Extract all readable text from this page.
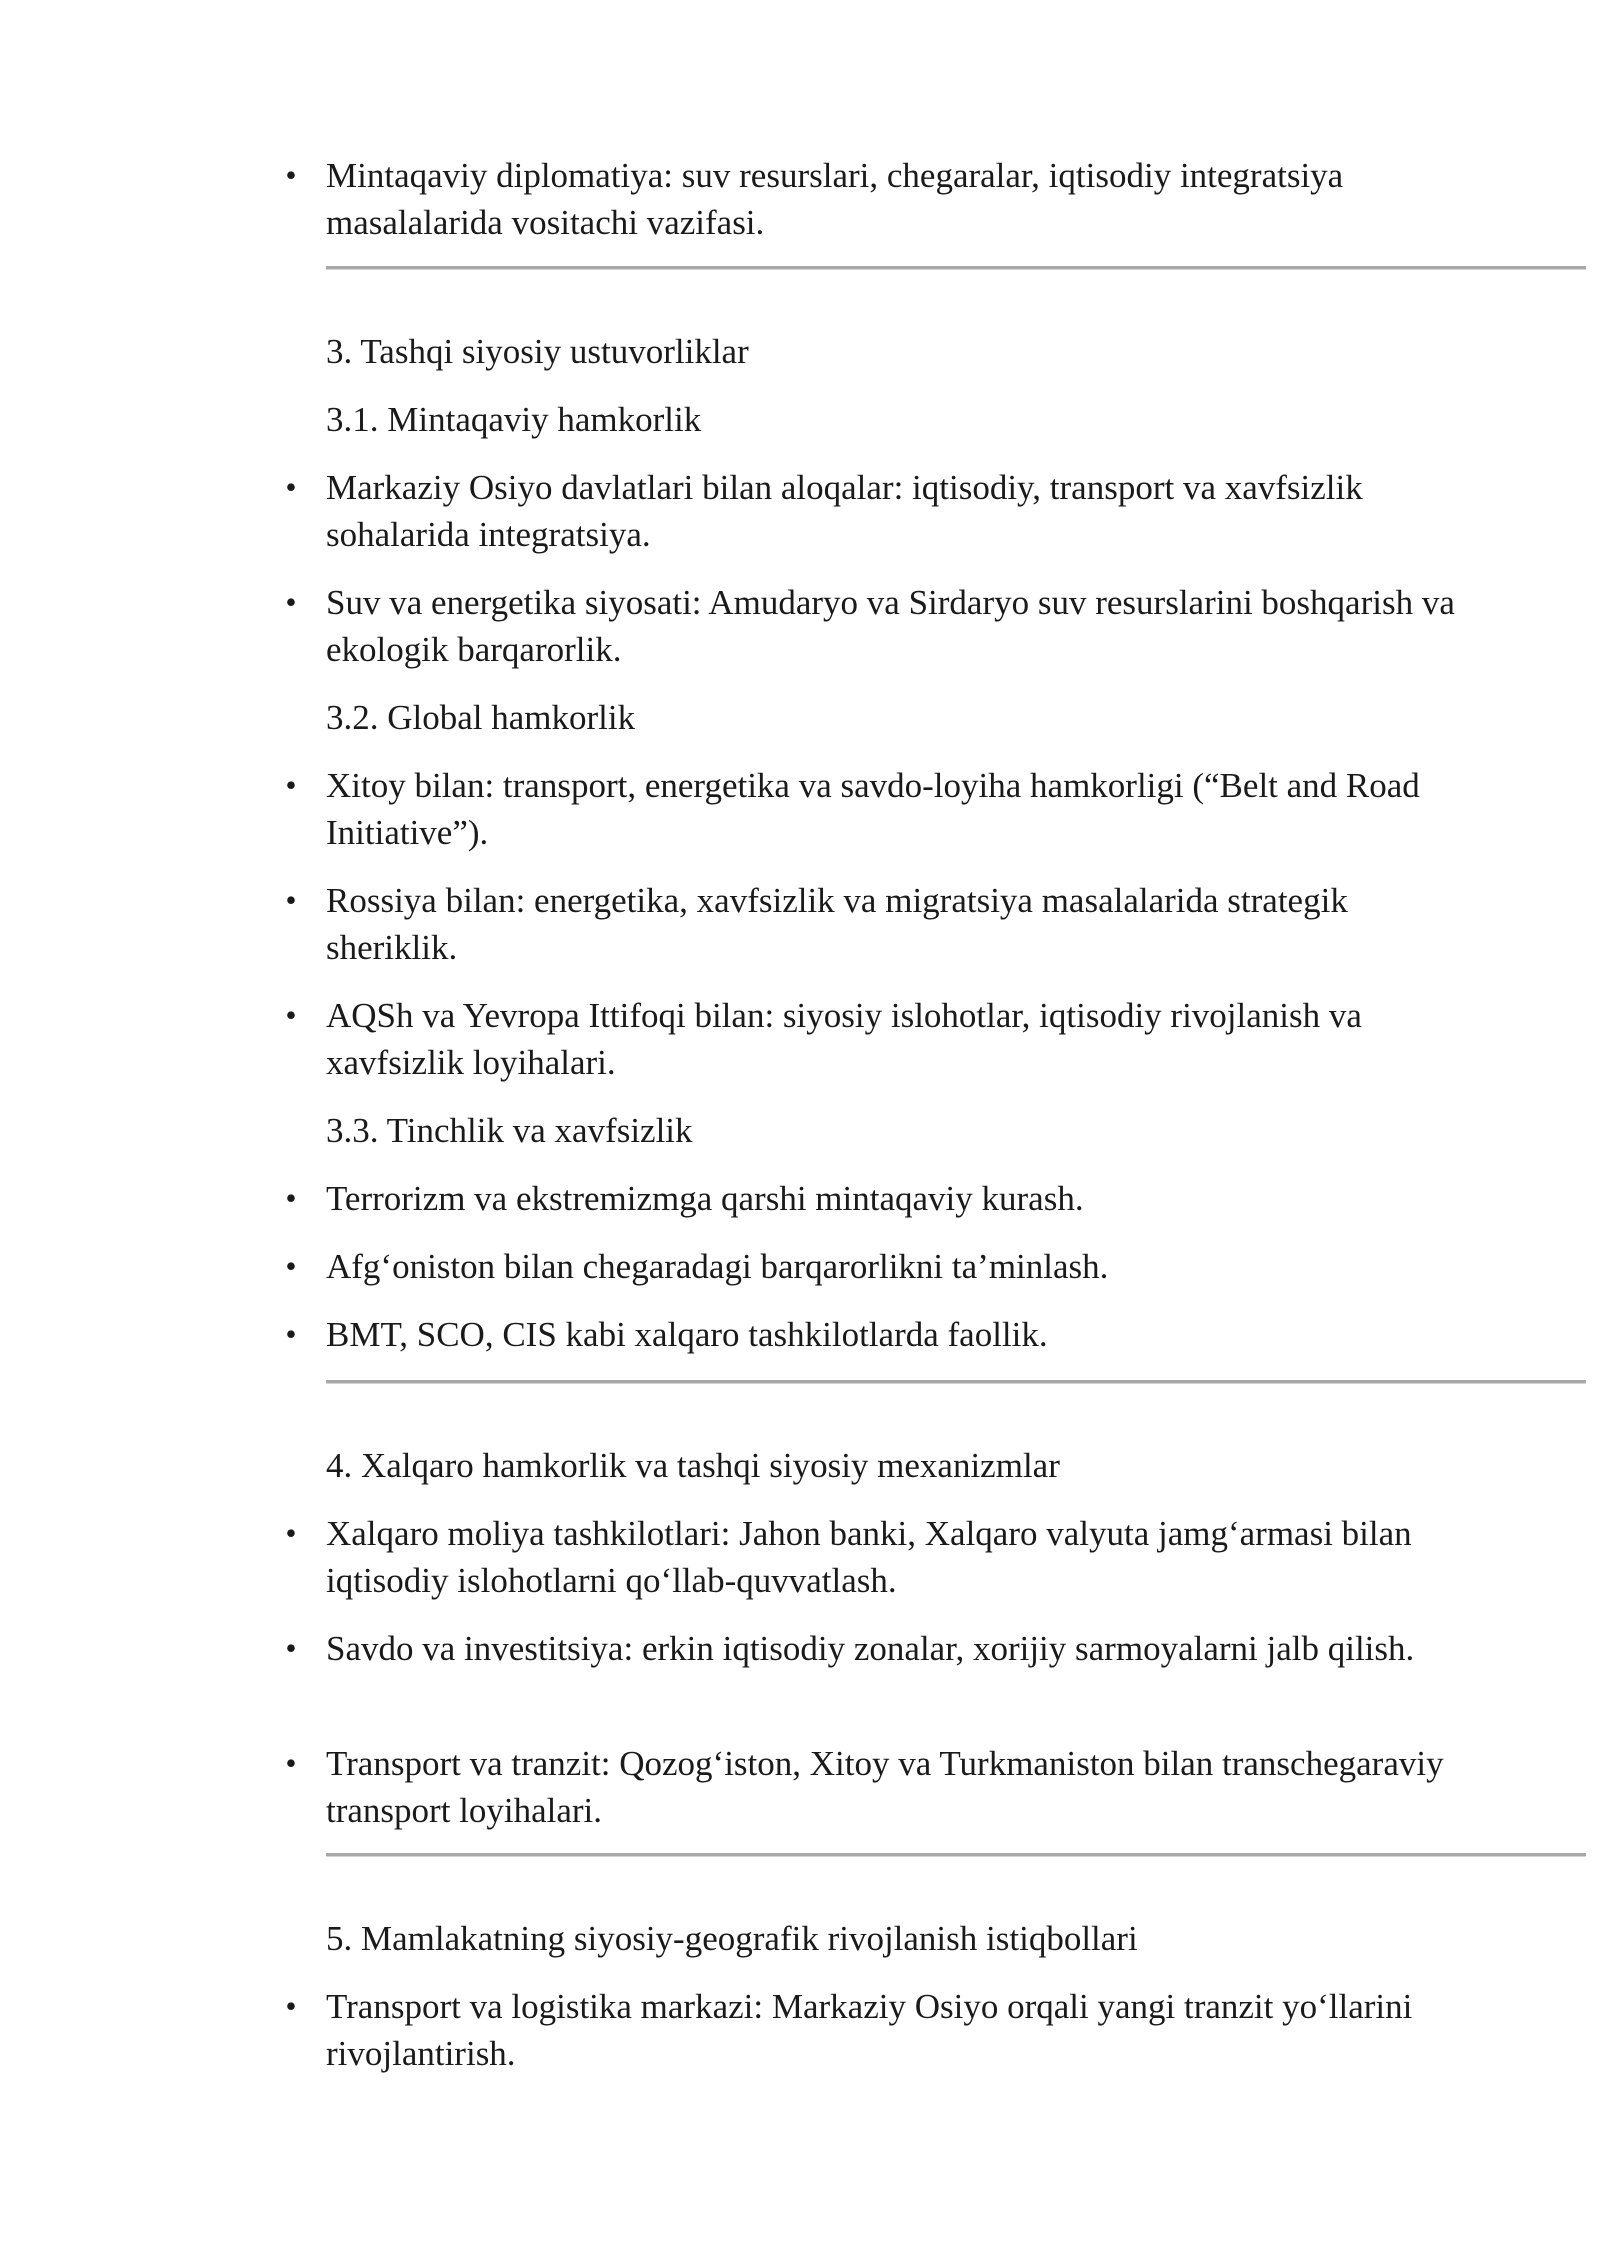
• Mintaqaviy diplomatiya: suv resurslari, chegaralar, iqtisodiy integratsiya masalalarida vositachi vazifasi.
3. Tashqi siyosiy ustuvorliklar
3.1. Mintaqaviy hamkorlik
• Markaziy Osiyo davlatlari bilan aloqalar: iqtisodiy, transport va xavfsizlik sohalarida integratsiya.
• Suv va energetika siyosati: Amudaryo va Sirdaryo suv resurslarini boshqarish va ekologik barqarorlik.
3.2. Global hamkorlik
• Xitoy bilan: transport, energetika va savdo-loyiha hamkorligi (“Belt and Road Initiative”).
• Rossiya bilan: energetika, xavfsizlik va migratsiya masalalarida strategik sheriklik.
• AQSh va Yevropa Ittifoqi bilan: siyosiy islohotlar, iqtisodiy rivojlanish va xavfsizlik loyihalari.
3.3. Tinchlik va xavfsizlik
• Terrorizm va ekstremizmga qarshi mintaqaviy kurash.
• Afg‘oniston bilan chegaradagi barqarorlikni ta’minlash.
• BMT, SCO, CIS kabi xalqaro tashkilotlarda faollik.
4. Xalqaro hamkorlik va tashqi siyosiy mexanizmlar
• Xalqaro moliya tashkilotlari: Jahon banki, Xalqaro valyuta jamg‘armasi bilan iqtisodiy islohotlarni qo‘llab-quvvatlash.
• Savdo va investitsiya: erkin iqtisodiy zonalar, xorijiy sarmoyalarni jalb qilish.
• Transport va tranzit: Qozog‘iston, Xitoy va Turkmaniston bilan transchegaraviy transport loyihalari.
5. Mamlakatning siyosiy-geografik rivojlanish istiqbollari
• Transport va logistika markazi: Markaziy Osiyo orqali yangi tranzit yo‘llarini rivojlantirish.
